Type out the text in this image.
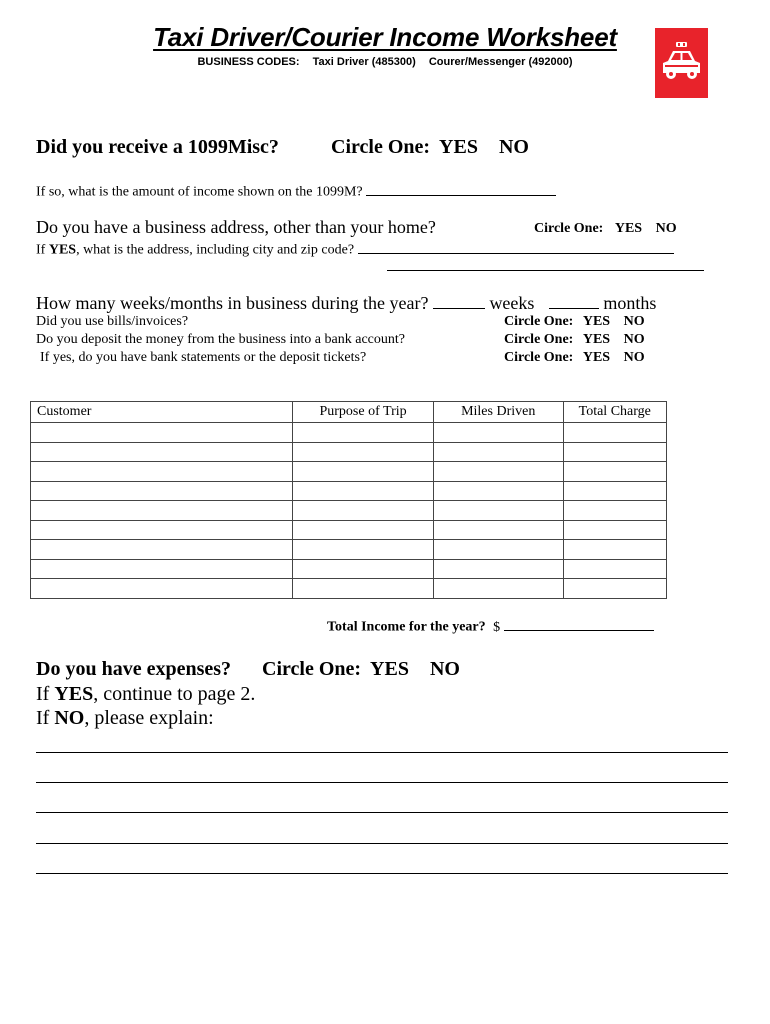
Taxi Driver/Courier Income Worksheet
BUSINESS CODES: Taxi Driver (485300) Courer/Messenger (492000)
Did you receive a 1099Misc?	Circle One: YES NO
If so, what is the amount of income shown on the 1099M?
Do you have a business address, other than your home?	Circle One: YES NO
If YES, what is the address, including city and zip code?
How many weeks/months in business during the year?	weeks	months
Did you use bills/invoices?	Circle One: YES NO
Do you deposit the money from the business into a bank account?	Circle One: YES NO
If yes, do you have bank statements or the deposit tickets?	Circle One: YES NO
Customer	Purpose of Trip	Miles Driven	Total Charge

Total Income for the year? $
Do you have expenses? Circle One: YES NO
If YES, continue to page 2.
If NO, please explain:
